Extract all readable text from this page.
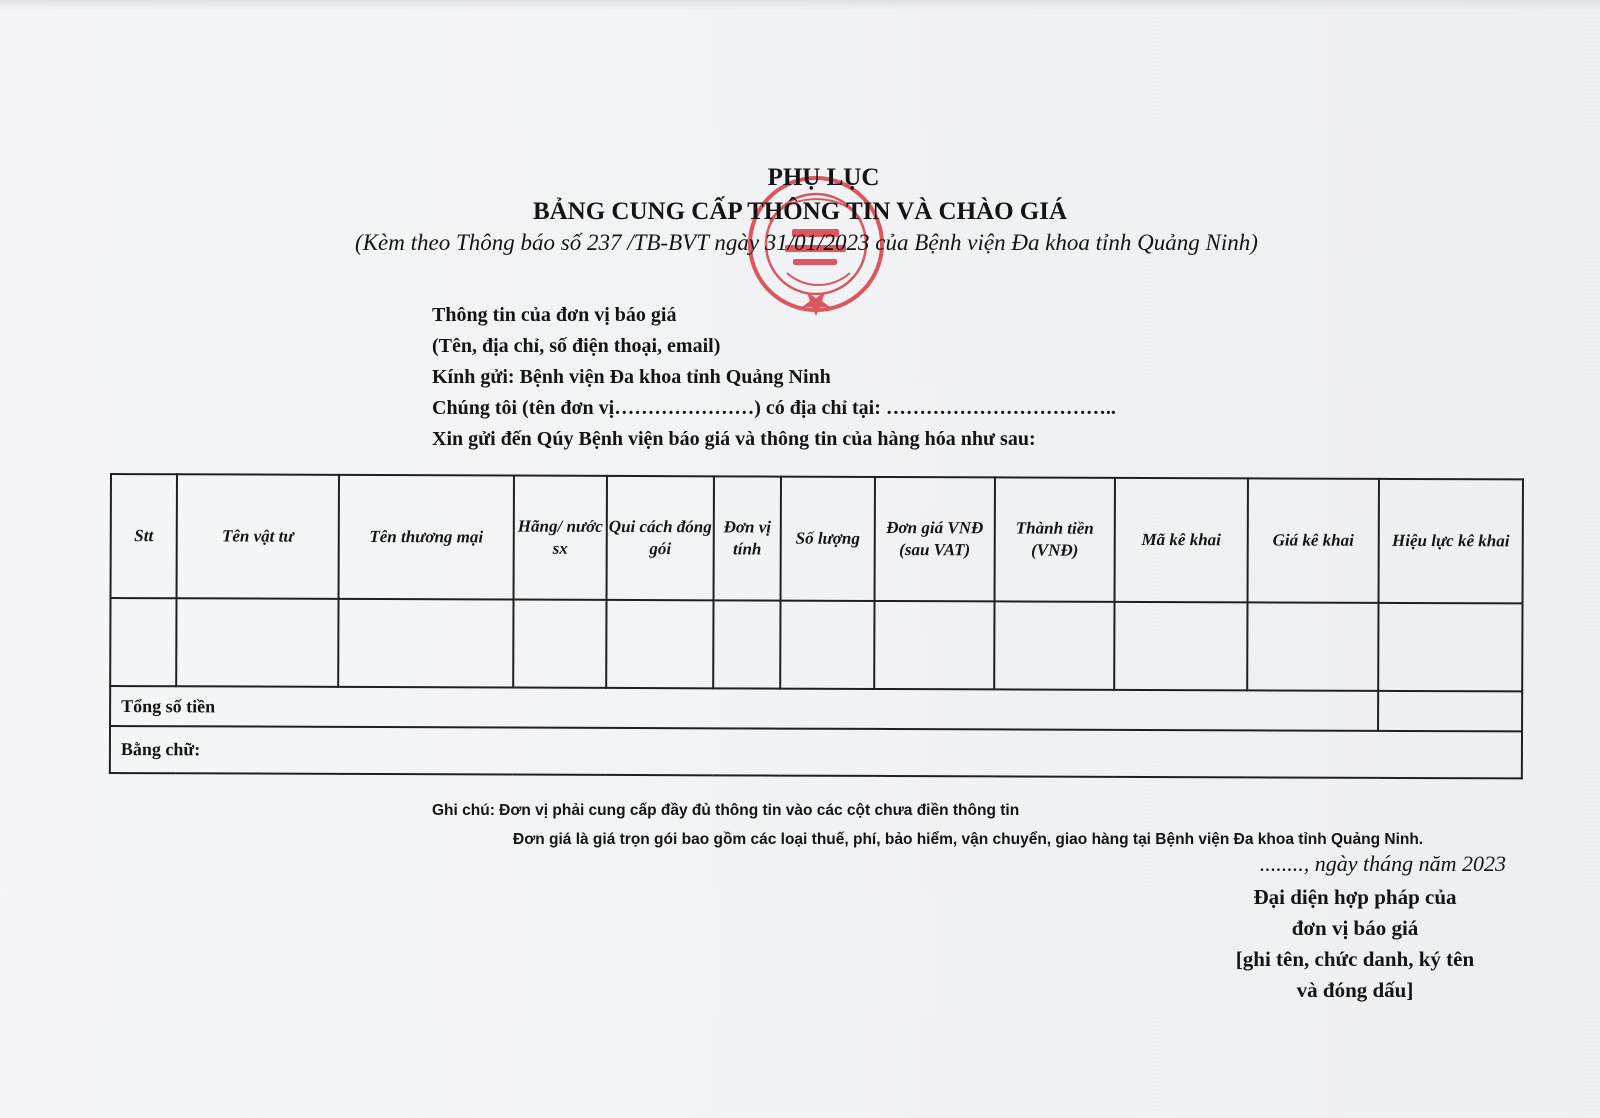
PHỤ LỤC
BẢNG CUNG CẤP THÔNG TIN VÀ CHÀO GIÁ
(Kèm theo Thông báo số 237 /TB-BVT ngày 31/01/2023 của Bệnh viện Đa khoa tỉnh Quảng Ninh)
Thông tin của đơn vị báo giá
(Tên, địa chỉ, số điện thoại, email)
Kính gửi: Bệnh viện Đa khoa tỉnh Quảng Ninh
Chúng tôi (tên đơn vị…………………) có địa chỉ tại: ……………………………..
Xin gửi đến Qúy Bệnh viện báo giá và thông tin của hàng hóa như sau:
Stt	Tên vật tư	Tên thương mại	Hãng/ nước sx	Qui cách đóng gói	Đơn vị tính	Số lượng	Đơn giá VNĐ (sau VAT)	Thành tiền (VNĐ)	Mã kê khai	Giá kê khai	Hiệu lực kê khai

Tổng số tiền											
Bằng chữ:											
Ghi chú: Đơn vị phải cung cấp đầy đủ thông tin vào các cột chưa điền thông tin
Đơn giá là giá trọn gói bao gồm các loại thuế, phí, bảo hiểm, vận chuyển, giao hàng tại Bệnh viện Đa khoa tỉnh Quảng Ninh.
........, ngày tháng năm 2023
Đại diện hợp pháp của
đơn vị báo giá
[ghi tên, chức danh, ký tên
và đóng dấu]
